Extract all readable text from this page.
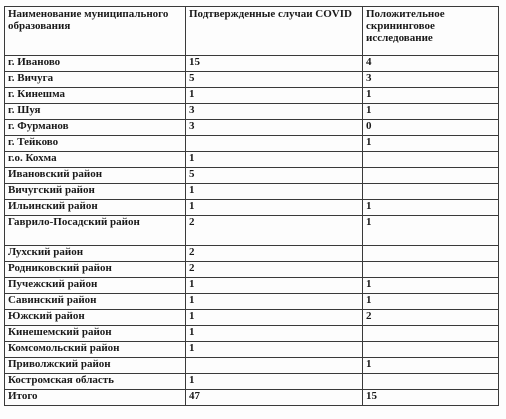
Наименование муниципального образования	Подтвержденные случаи COVID	Положительное скрининговое исследование
г. Иваново	15	4
г. Вичуга	5	3
г. Кинешма	1	1
г. Шуя	3	1
г. Фурманов	3	0
г. Тейково		1
г.о. Кохма	1	
Ивановский район	5	
Вичугский район	1	
Ильинский район	1	1
Гаврило-Посадский район	2	1
Лухский район	2	
Родниковский район	2	
Пучежский район	1	1
Савинский район	1	1
Южский район	1	2
Кинешемский район	1	
Комсомольский район	1	
Приволжский район		1
Костромская область	1	
Итого	47	15
